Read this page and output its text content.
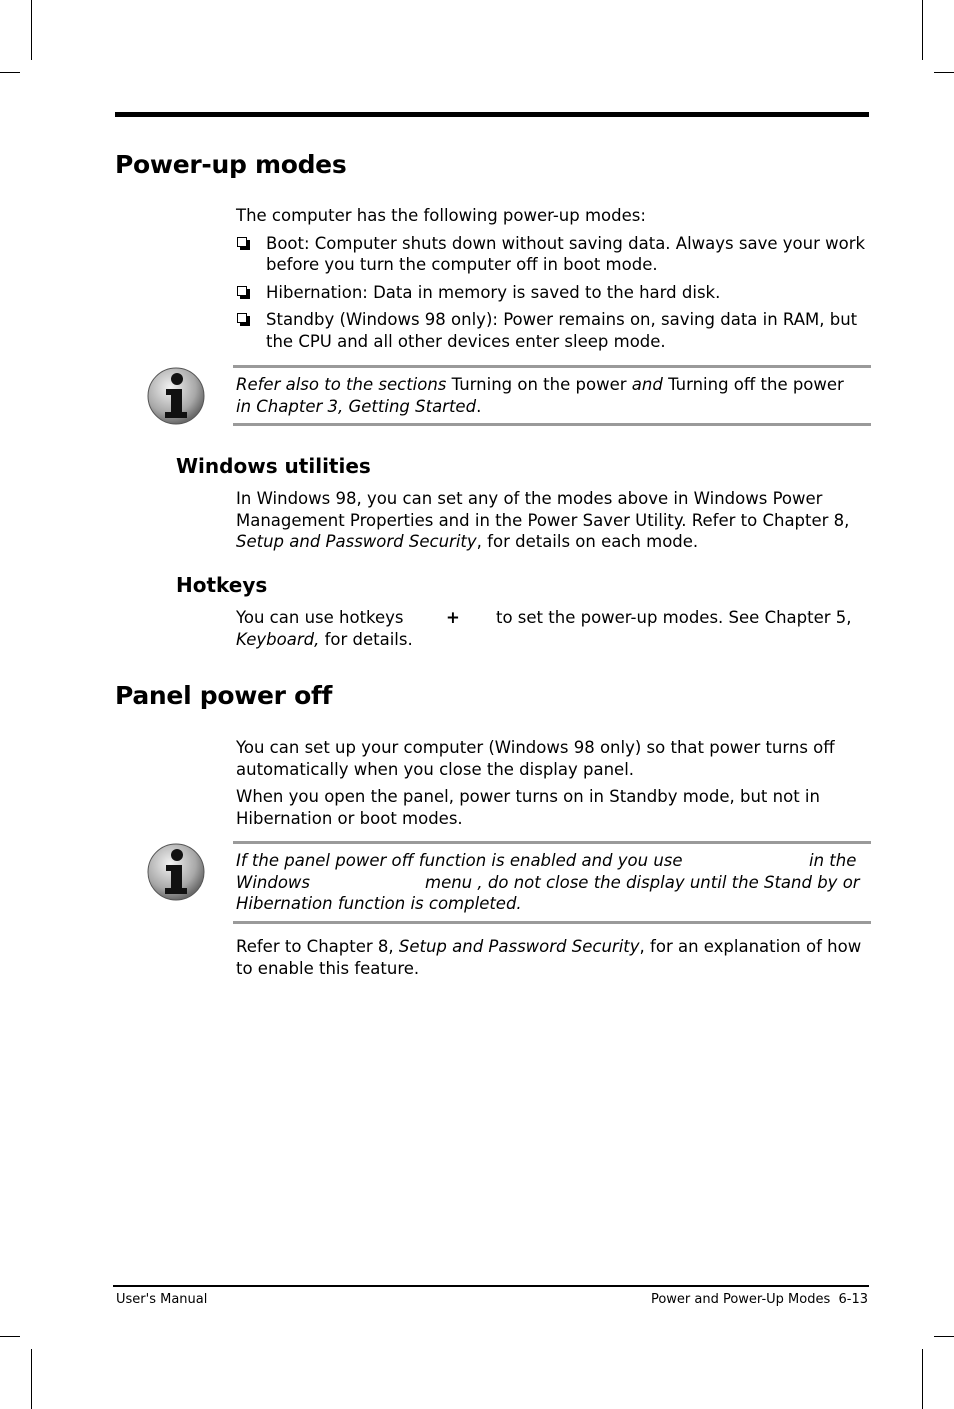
Power-up modes

The computer has the following power-up modes:

Boot: Computer shuts down without saving data. Always save your work before you turn the computer off in boot mode.
Hibernation: Data in memory is saved to the hard disk.
Standby (Windows 98 only): Power remains on, saving data in RAM, but the CPU and all other devices enter sleep mode.
Refer also to the sections Turning on the power and Turning off the power in Chapter 3, Getting Started.
Windows utilities

In Windows 98, you can set any of the modes above in Windows Power Management Properties and in the Power Saver Utility. Refer to Chapter 8, Setup and Password Security, for details on each mode.

Hotkeys

You can use hotkeys	+ to set the power-up modes. See Chapter 5,

Keyboard, for details.

Panel power off

You can set up your computer (Windows 98 only) so that power turns off automatically when you close the display panel.

When you open the panel, power turns on in Standby mode, but not in Hibernation or boot modes.

If the panel power off function is enabled and you use	in the
Windows	menu , do not close the display until the Stand by or Hibernation function is completed.

Refer to Chapter 8, Setup and Password Security, for an explanation of how to enable this feature.

User's Manual	Power and Power-Up Modes  6-13
